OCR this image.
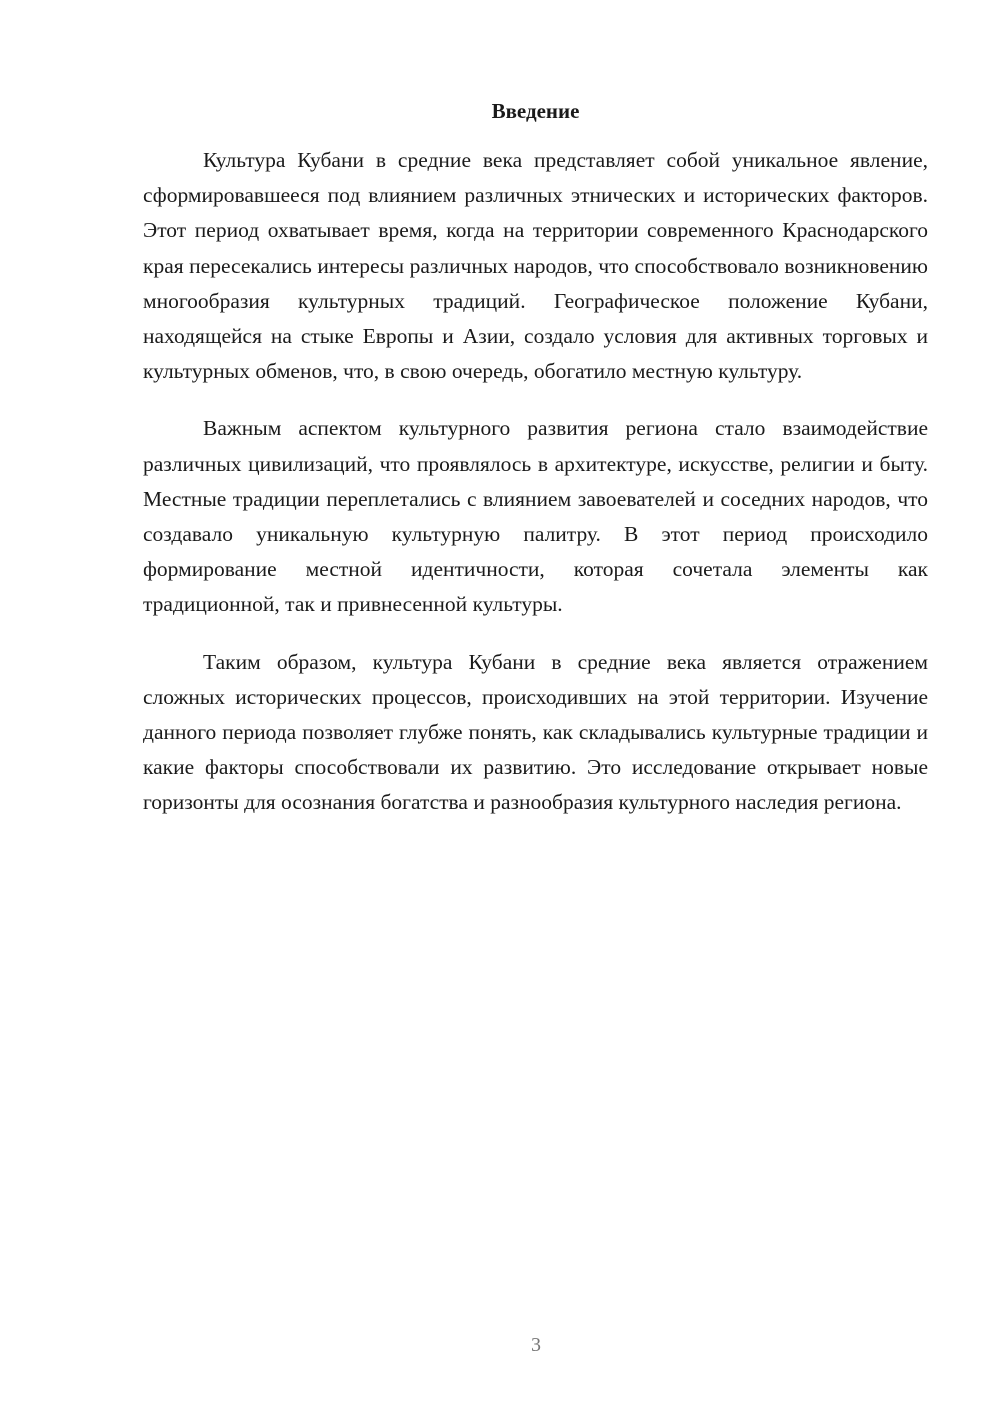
Введение

Культура Кубани в средние века представляет собой уникальное явление, сформировавшееся под влиянием различных этнических и исторических факторов. Этот период охватывает время, когда на территории современного Краснодарского края пересекались интересы различных народов, что способствовало возникновению многообразия культурных традиций. Географическое положение Кубани, находящейся на стыке Европы и Азии, создало условия для активных торговых и культурных обменов, что, в свою очередь, обогатило местную культуру.

Важным аспектом культурного развития региона стало взаимодействие различных цивилизаций, что проявлялось в архитектуре, искусстве, религии и быту. Местные традиции переплетались с влиянием завоевателей и соседних народов, что создавало уникальную культурную палитру. В этот период происходило формирование местной идентичности, которая сочетала элементы как традиционной, так и привнесенной культуры.

Таким образом, культура Кубани в средние века является отражением сложных исторических процессов, происходивших на этой территории. Изучение данного периода позволяет глубже понять, как складывались культурные традиции и какие факторы способствовали их развитию. Это исследование открывает новые горизонты для осознания богатства и разнообразия культурного наследия региона.

3
